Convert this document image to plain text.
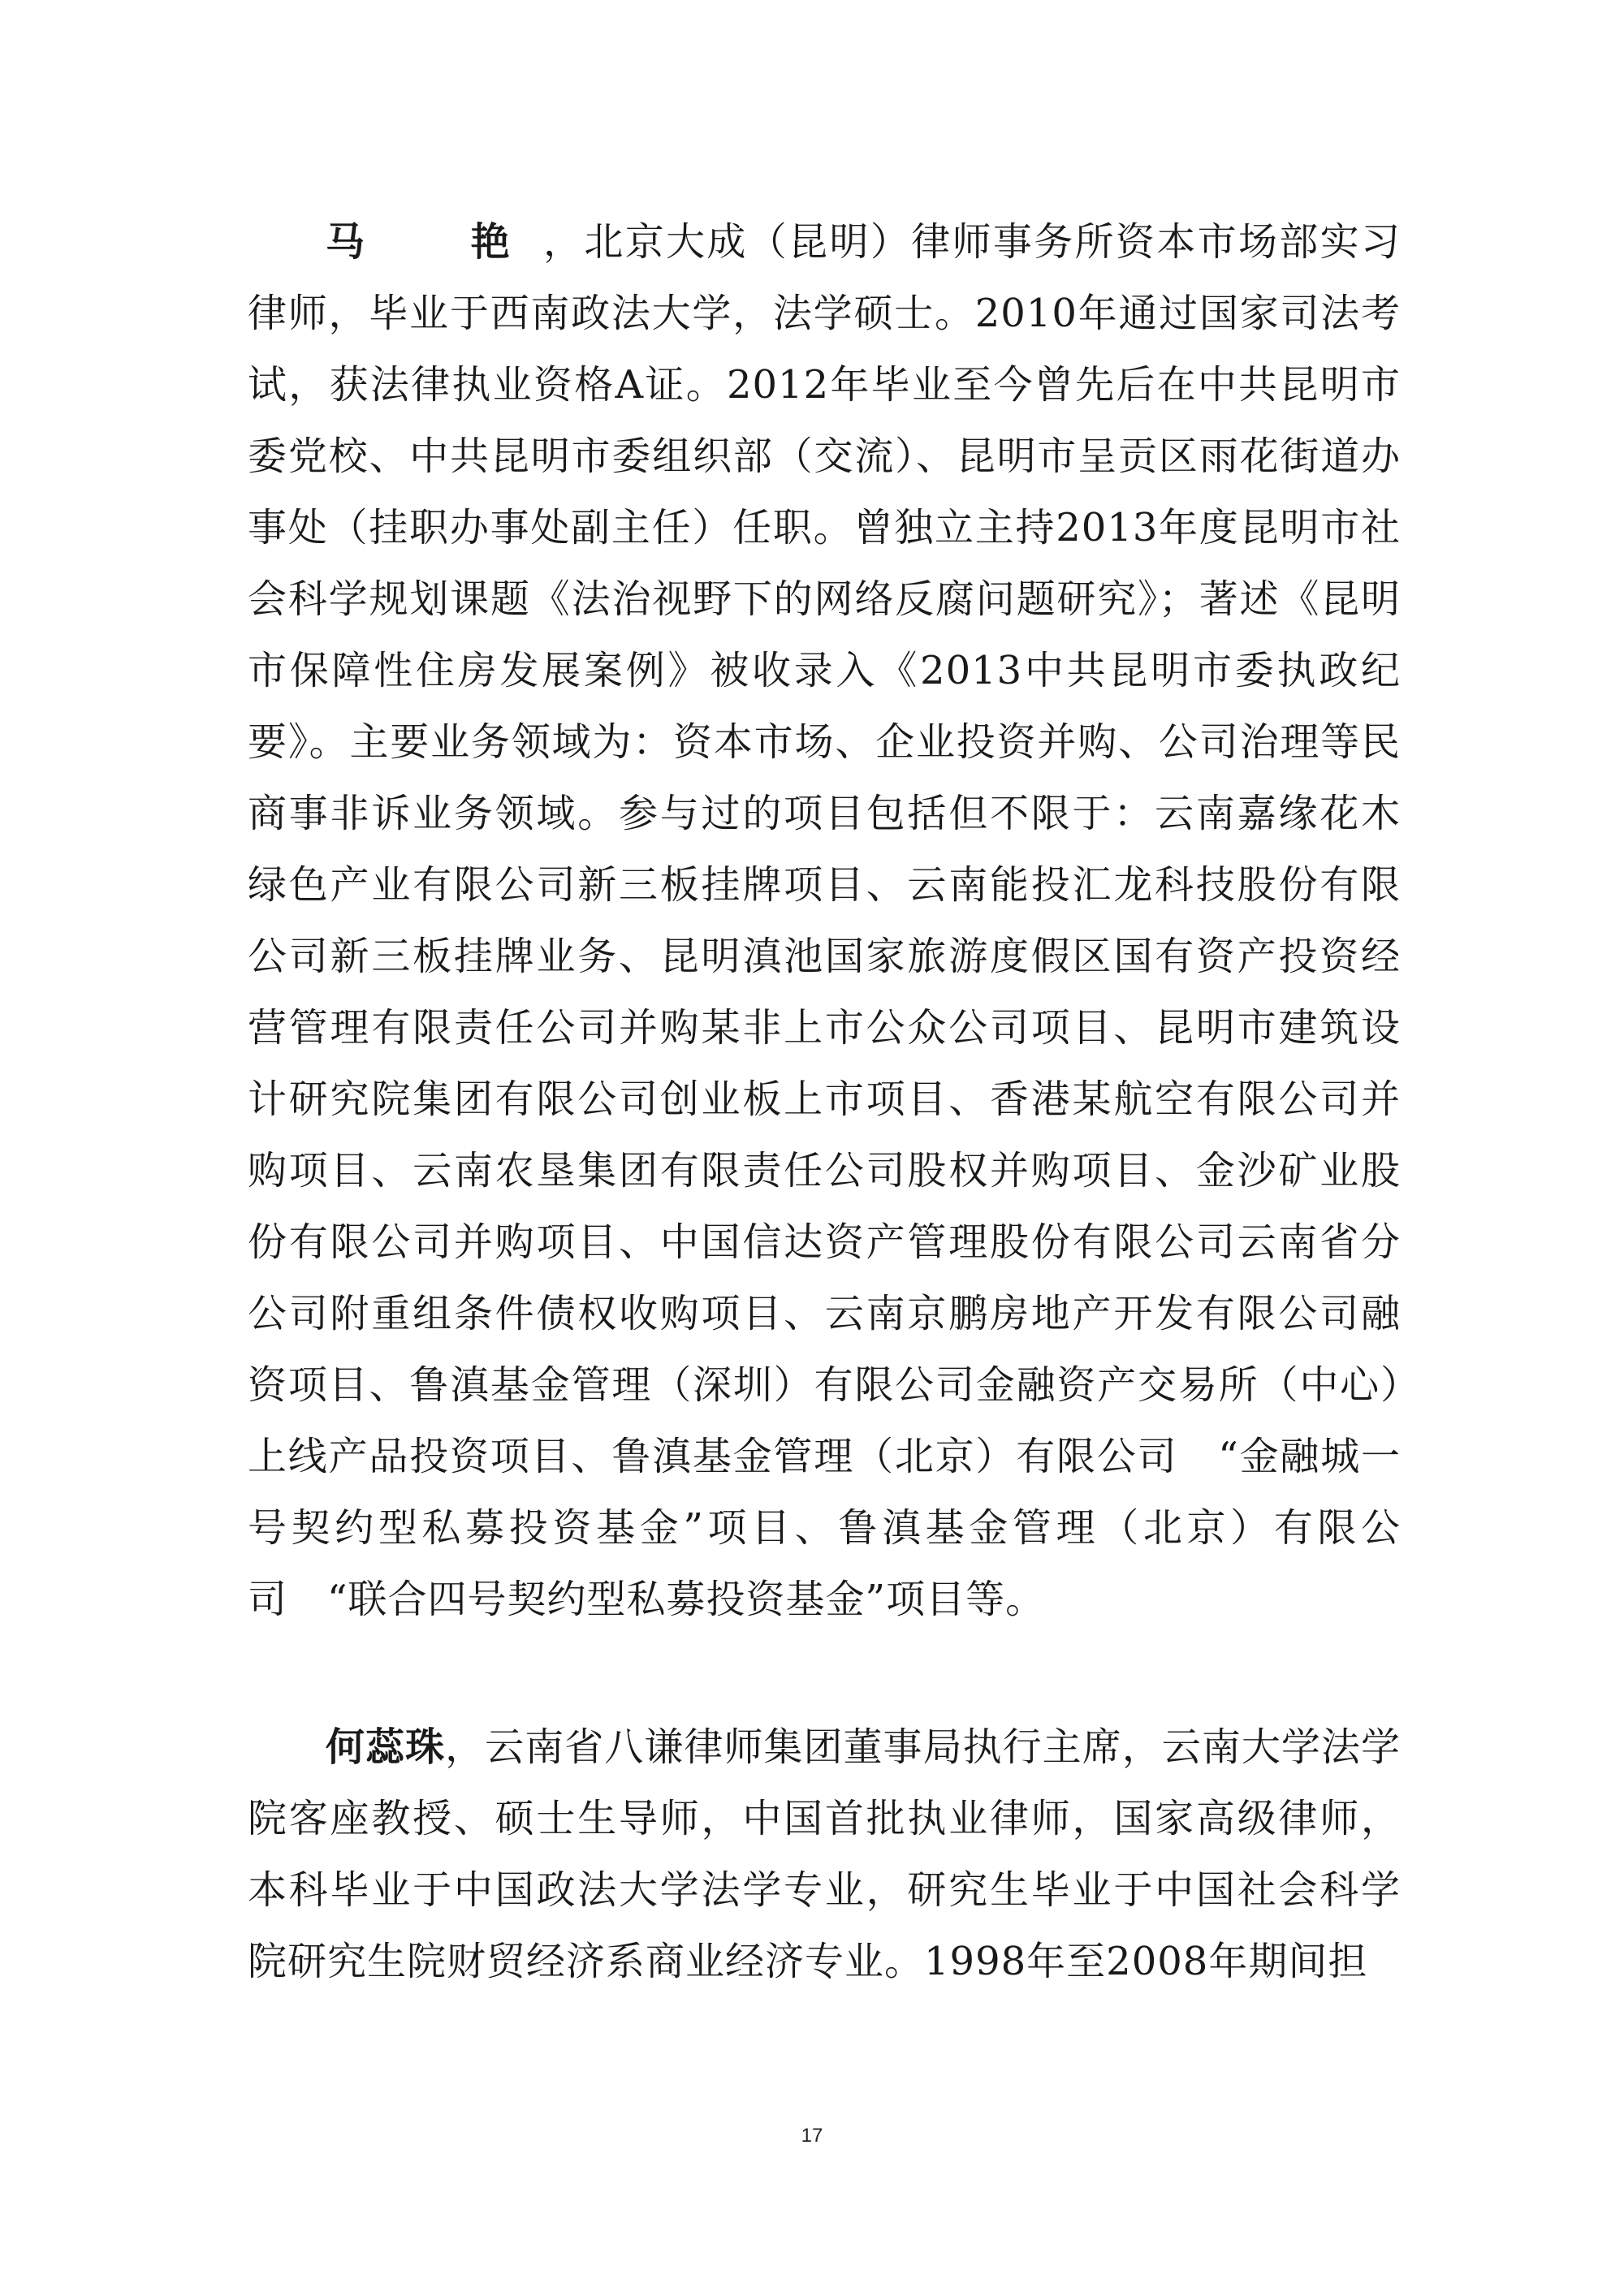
马　艳，北京大成（昆明）律师事务所资本市场部实习律师，毕业于西南政法大学，法学硕士。2010年通过国家司法考试，获法律执业资格A证。2012年毕业至今曾先后在中共昆明市委党校、中共昆明市委组织部（交流）、昆明市呈贡区雨花街道办事处（挂职办事处副主任）任职。曾独立主持2013年度昆明市社会科学规划课题《法治视野下的网络反腐问题研究》；著述《昆明市保障性住房发展案例》被收录入《2013中共昆明市委执政纪要》。主要业务领域为：资本市场、企业投资并购、公司治理等民商事非诉业务领域。参与过的项目包括但不限于：云南嘉缘花木绿色产业有限公司新三板挂牌项目、云南能投汇龙科技股份有限公司新三板挂牌业务、昆明滇池国家旅游度假区国有资产投资经营管理有限责任公司并购某非上市公众公司项目、昆明市建筑设计研究院集团有限公司创业板上市项目、香港某航空有限公司并购项目、云南农垦集团有限责任公司股权并购项目、金沙矿业股份有限公司并购项目、中国信达资产管理股份有限公司云南省分公司附重组条件债权收购项目、云南京鹏房地产开发有限公司融资项目、鲁滇基金管理（深圳）有限公司金融资产交易所（中心）上线产品投资项目、鲁滇基金管理（北京）有限公司　“金融城一号契约型私募投资基金”项目、鲁滇基金管理（北京）有限公司　“联合四号契约型私募投资基金”项目等。

何蕊珠，云南省八谦律师集团董事局执行主席，云南大学法学院客座教授、硕士生导师，中国首批执业律师，国家高级律师，本科毕业于中国政法大学法学专业，研究生毕业于中国社会科学院研究生院财贸经济系商业经济专业。1998年至2008年期间担

17
